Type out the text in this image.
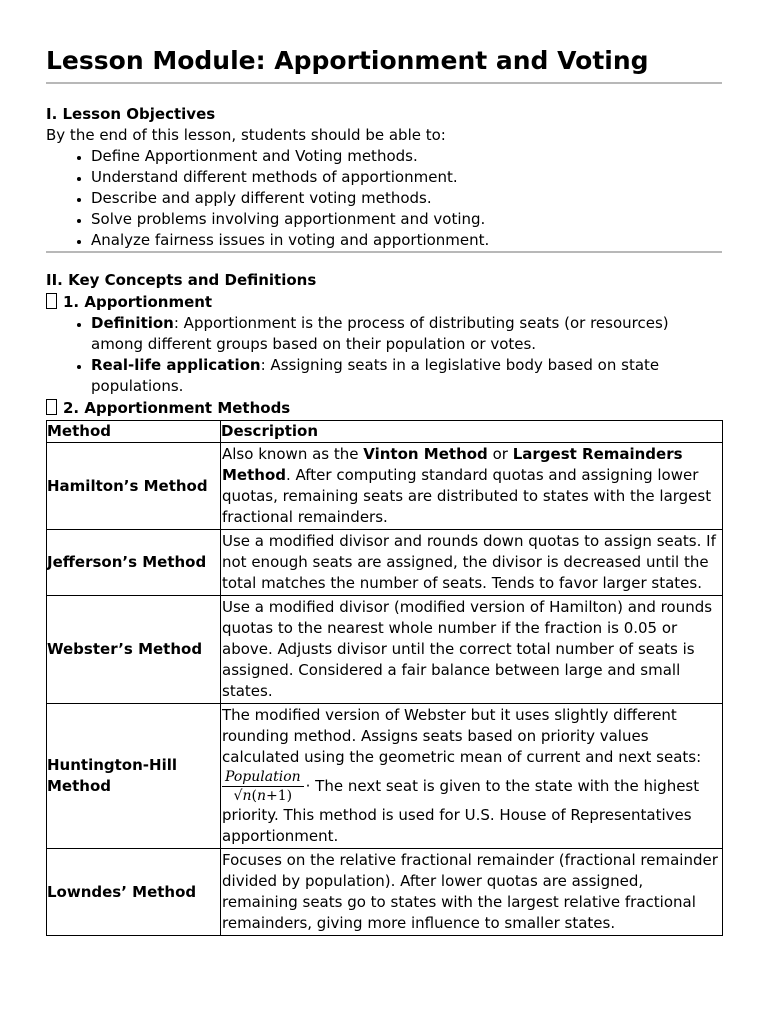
Lesson Module: Apportionment and Voting
I. Lesson Objectives

By the end of this lesson, students should be able to:

• Define Apportionment and Voting methods.
• Understand different methods of apportionment.
• Describe and apply different voting methods.
• Solve problems involving apportionment and voting.
• Analyze fairness issues in voting and apportionment.
II. Key Concepts and Definitions
1. Apportionment
• Definition: Apportionment is the process of distributing seats (or resources) among different groups based on their population or votes.
• Real-life application: Assigning seats in a legislative body based on state populations.
2. Apportionment Methods
Method	Description
Hamilton’s Method	Also known as the Vinton Method or Largest Remainders Method. After computing standard quotas and assigning lower quotas, remaining seats are distributed to states with the largest fractional remainders.
Jefferson’s Method	Use a modified divisor and rounds down quotas to assign seats. If not enough seats are assigned, the divisor is decreased until the total matches the number of seats. Tends to favor larger states.
Webster’s Method	Use a modified divisor (modified version of Hamilton) and rounds quotas to the nearest whole number if the fraction is 0.05 or above. Adjusts divisor until the correct total number of seats is assigned. Considered a fair balance between large and small states.
Huntington-Hill Method	The modified version of Webster but it uses slightly different rounding method. Assigns seats based on priority values calculated using the geometric mean of current and next seats:

$\frac{\text{Population}}{√n(n+1)}$ · The next seat is given to the state with the highest priority. This method is used for U.S. House of Representatives apportionment.
Lowndes’ Method	Focuses on the relative fractional remainder (fractional remainder divided by population). After lower quotas are assigned, remaining seats go to states with the largest relative fractional remainders, giving more influence to smaller states.
